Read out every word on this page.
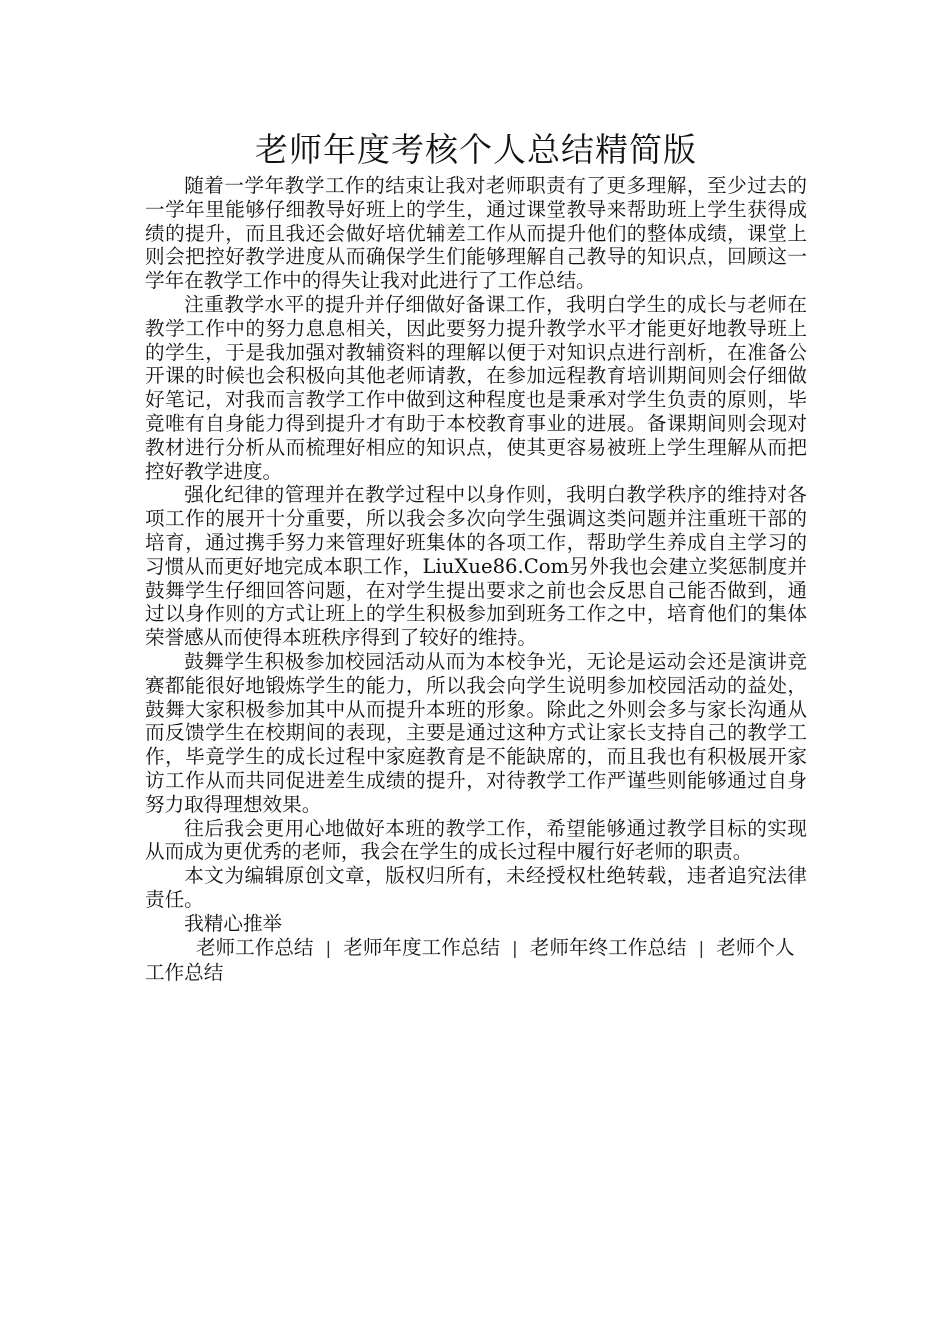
老师年度考核个人总结精简版

随着一学年教学工作的结束让我对老师职责有了更多理解，至少过去的一学年里能够仔细教导好班上的学生，通过课堂教导来帮助班上学生获得成绩的提升，而且我还会做好培优辅差工作从而提升他们的整体成绩，课堂上则会把控好教学进度从而确保学生们能够理解自己教导的知识点，回顾这一学年在教学工作中的得失让我对此进行了工作总结。

注重教学水平的提升并仔细做好备课工作，我明白学生的成长与老师在教学工作中的努力息息相关，因此要努力提升教学水平才能更好地教导班上的学生，于是我加强对教辅资料的理解以便于对知识点进行剖析，在准备公开课的时候也会积极向其他老师请教，在参加远程教育培训期间则会仔细做好笔记，对我而言教学工作中做到这种程度也是秉承对学生负责的原则，毕竟唯有自身能力得到提升才有助于本校教育事业的进展。备课期间则会现对教材进行分析从而梳理好相应的知识点，使其更容易被班上学生理解从而把控好教学进度。

强化纪律的管理并在教学过程中以身作则，我明白教学秩序的维持对各项工作的展开十分重要，所以我会多次向学生强调这类问题并注重班干部的培育，通过携手努力来管理好班集体的各项工作，帮助学生养成自主学习的习惯从而更好地完成本职工作，LiuXue86.Com另外我也会建立奖惩制度并鼓舞学生仔细回答问题，在对学生提出要求之前也会反思自己能否做到，通过以身作则的方式让班上的学生积极参加到班务工作之中，培育他们的集体荣誉感从而使得本班秩序得到了较好的维持。

鼓舞学生积极参加校园活动从而为本校争光，无论是运动会还是演讲竞赛都能很好地锻炼学生的能力，所以我会向学生说明参加校园活动的益处，鼓舞大家积极参加其中从而提升本班的形象。除此之外则会多与家长沟通从而反馈学生在校期间的表现，主要是通过这种方式让家长支持自己的教学工作，毕竟学生的成长过程中家庭教育是不能缺席的，而且我也有积极展开家访工作从而共同促进差生成绩的提升，对待教学工作严谨些则能够通过自身努力取得理想效果。

往后我会更用心地做好本班的教学工作，希望能够通过教学目标的实现从而成为更优秀的老师，我会在学生的成长过程中履行好老师的职责。

本文为编辑原创文章，版权归所有，未经授权杜绝转载，违者追究法律责任。

我精心推举

老师工作总结 | 老师年度工作总结 | 老师年终工作总结 | 老师个人工作总结
